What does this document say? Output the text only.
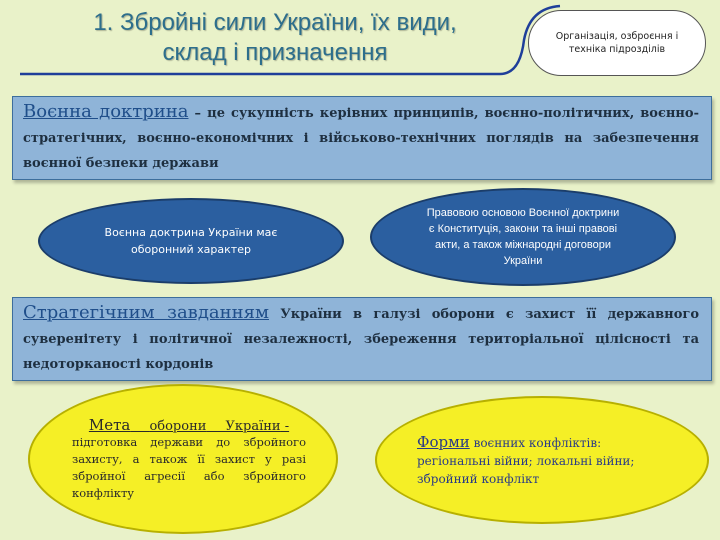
1. Збройні сили України, їх види,
склад і призначення
Організація, озброєння і техніка підрозділів
Воєнна доктрина – це сукупність керівних принципів, воєнно-політичних, воєнно-стратегічних, воєнно-економічних і військово-технічних поглядів на забезпечення воєнної безпеки держави
Воєнна доктрина України має оборонний характер
Правовою основою Воєнної доктрини є Конституція, закони та інші правові акти, а також міжнародні договори України
Стратегічним завданням України в галузі оборони є захист її державного суверенітету і політичної незалежності, збереження територіальної цілісності та недоторканості кордонів
Мета оборони України -
підготовка держави до збройного захисту, а також її захист у разі збройної агресії або збройного конфлікту
Форми воєнних конфліктів:
регіональні війни; локальні війни; збройний конфлікт
